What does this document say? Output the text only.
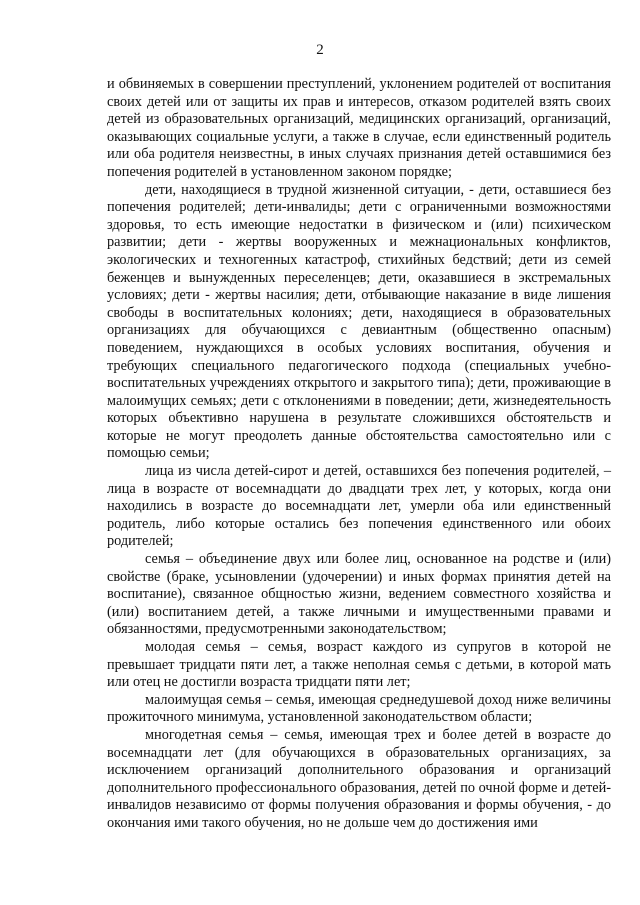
2

и обвиняемых в совершении преступлений, уклонением родителей от воспитания своих детей или от защиты их прав и интересов, отказом родителей взять своих детей из образовательных организаций, медицинских организаций, организаций, оказывающих социальные услуги, а также в случае, если единственный родитель или оба родителя неизвестны, в иных случаях признания детей оставшимися без попечения родителей в установленном законом порядке;

дети, находящиеся в трудной жизненной ситуации, - дети, оставшиеся без попечения родителей; дети-инвалиды; дети с ограниченными возможностями здоровья, то есть имеющие недостатки в физическом и (или) психическом развитии; дети - жертвы вооруженных и межнациональных конфликтов, экологических и техногенных катастроф, стихийных бедствий; дети из семей беженцев и вынужденных переселенцев; дети, оказавшиеся в экстремальных условиях; дети - жертвы насилия; дети, отбывающие наказание в виде лишения свободы в воспитательных колониях; дети, находящиеся в образовательных организациях для обучающихся с девиантным (общественно опасным) поведением, нуждающихся в особых условиях воспитания, обучения и требующих специального педагогического подхода (специальных учебно-воспитательных учреждениях открытого и закрытого типа); дети, проживающие в малоимущих семьях; дети с отклонениями в поведении; дети, жизнедеятельность которых объективно нарушена в результате сложившихся обстоятельств и которые не могут преодолеть данные обстоятельства самостоятельно или с помощью семьи;

лица из числа детей-сирот и детей, оставшихся без попечения родителей, – лица в возрасте от восемнадцати до двадцати трех лет, у которых, когда они находились в возрасте до восемнадцати лет, умерли оба или единственный родитель, либо которые остались без попечения единственного или обоих родителей;

семья – объединение двух или более лиц, основанное на родстве и (или) свойстве (браке, усыновлении (удочерении) и иных формах принятия детей на воспитание), связанное общностью жизни, ведением совместного хозяйства и (или) воспитанием детей, а также личными и имущественными правами и обязанностями, предусмотренными законодательством;

молодая семья – семья, возраст каждого из супругов в которой не превышает тридцати пяти лет, а также неполная семья с детьми, в которой мать или отец не достигли возраста тридцати пяти лет;

малоимущая семья – семья, имеющая среднедушевой доход ниже величины прожиточного минимума, установленной законодательством области;

многодетная семья – семья, имеющая трех и более детей в возрасте до восемнадцати лет (для обучающихся в образовательных организациях, за исключением организаций дополнительного образования и организаций дополнительного профессионального образования, детей по очной форме и детей-инвалидов независимо от формы получения образования и формы обучения, - до окончания ими такого обучения, но не дольше чем до достижения ими
